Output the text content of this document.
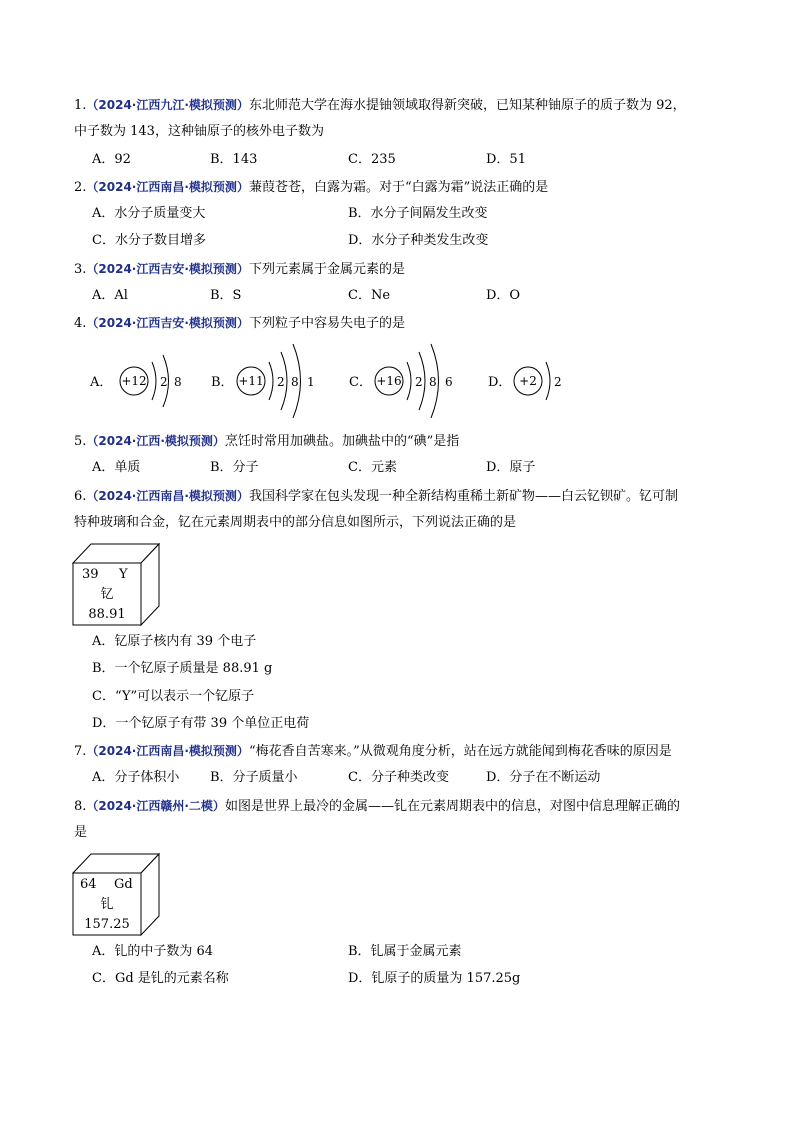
1.（2024·江西九江·模拟预测）东北师范大学在海水提铀领域取得新突破，已知某种铀原子的质子数为 92，
中子数为 143，这种铀原子的核外电子数为
A．92	B．143	C．235	D．51
2.（2024·江西南昌·模拟预测）蒹葭苍苍，白露为霜。对于“白露为霜”说法正确的是
A．水分子质量变大	B．水分子间隔发生改变
C．水分子数目增多	D．水分子种类发生改变
3.（2024·江西吉安·模拟预测）下列元素属于金属元素的是
A．Al	B．S	C．Ne	D．O
4.（2024·江西吉安·模拟预测）下列粒子中容易失电子的是
A． +12 2 8 B． +11 2 8 1	C． +16 2 8 6	D． +2 2
5.（2024·江西·模拟预测）烹饪时常用加碘盐。加碘盐中的“碘”是指
A．单质	B．分子	C．元素	D．原子
6.（2024·江西南昌·模拟预测）我国科学家在包头发现一种全新结构重稀土新矿物——白云钇钡矿。钇可制
特种玻璃和合金，钇在元素周期表中的部分信息如图所示，下列说法正确的是
39 Y
钇
88.91
A．钇原子核内有 39 个电子
B．一个钇原子质量是 88.91 g
C．“Y”可以表示一个钇原子
D．一个钇原子有带 39 个单位正电荷
7.（2024·江西南昌·模拟预测）“梅花香自苦寒来。”从微观角度分析，站在远方就能闻到梅花香味的原因是
A．分子体积小 B．分子质量小	C．分子种类改变	D．分子在不断运动
8.（2024·江西赣州·二模）如图是世界上最冷的金属——钆在元素周期表中的信息，对图中信息理解正确的
是
64 Gd
钆
157.25
A．钆的中子数为 64	B．钆属于金属元素
C．Gd 是钆的元素名称	D．钆原子的质量为 157.25g
